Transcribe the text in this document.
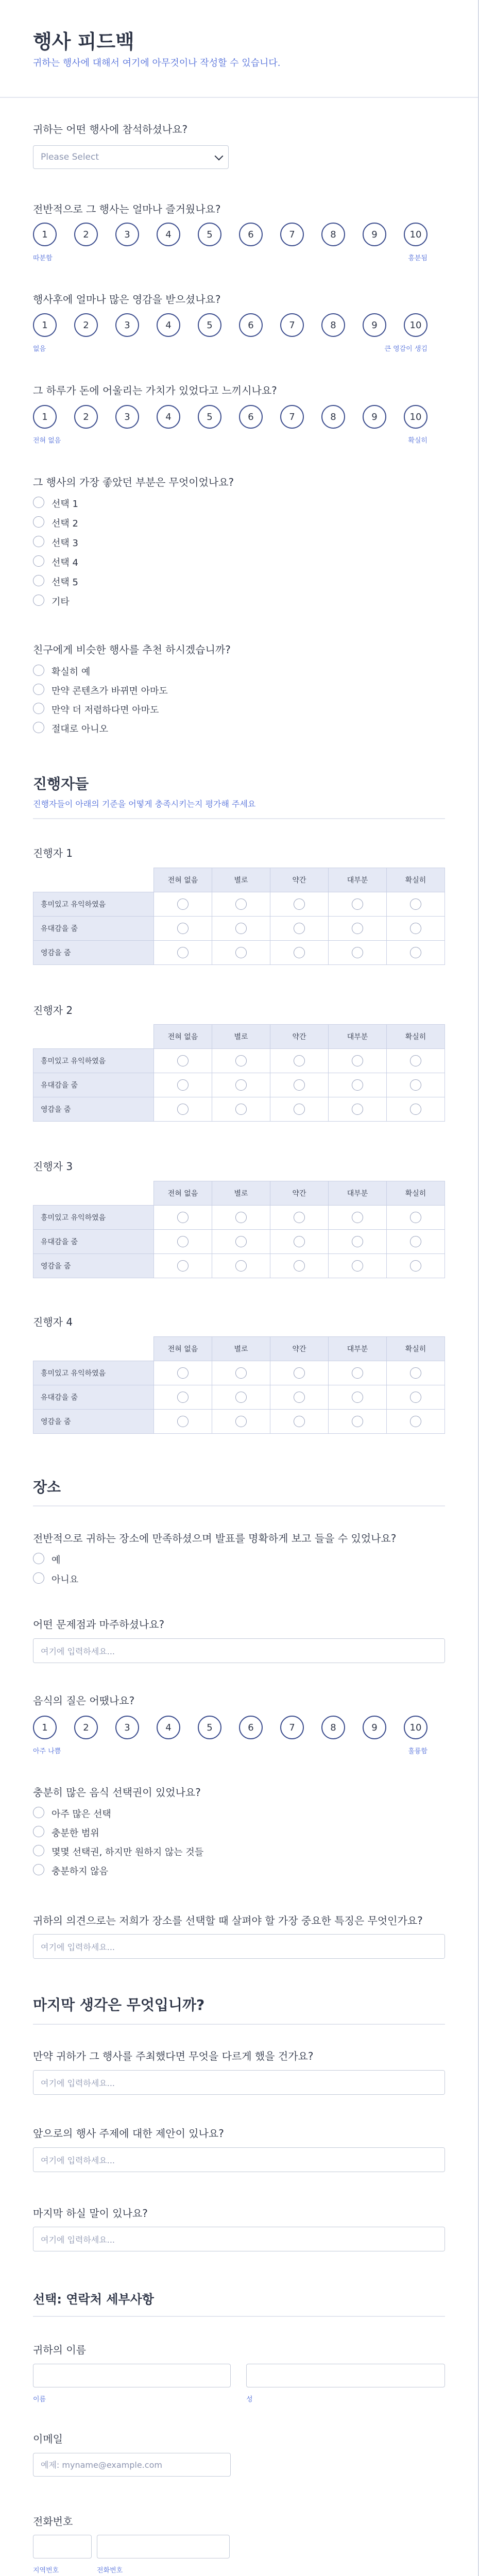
행사 피드백
귀하는 행사에 대해서 여기에 아무것이나 작성할 수 있습니다.
귀하는 어떤 행사에 참석하셨나요?
Please Select
전반적으로 그 행사는 얼마나 즐거웠나요?
1	2	3	4	5	6	7	8	9	10
따분함	흥분됨
행사후에 얼마나 많은 영감을 받으셨나요?
1	2	3	4	5	6	7	8	9	10
없음	큰 영감이 생김
그 하루가 돈에 어울리는 가치가 있었다고 느끼시나요?
1	2	3	4	5	6	7	8	9	10
전혀 없음	확실히
그 행사의 가장 좋았던 부분은 무엇이었나요?
선택 1
선택 2
선택 3
선택 4
선택 5
기타
친구에게 비슷한 행사를 추천 하시겠습니까?
확실히 예
만약 콘텐츠가 바뀌면 아마도
만약 더 저렴하다면 아마도
절대로 아니오
진행자들
진행자들이 아래의 기준을 어떻게 충족시키는지 평가해 주세요
진행자 1
	전혀 없음	별로	약간	대부분	확실히
흥미있고 유익하였음					
유대감을 줌					
영감을 줌					
진행자 2
	전혀 없음	별로	약간	대부분	확실히
흥미있고 유익하였음					
유대감을 줌					
영감을 줌					
진행자 3
	전혀 없음	별로	약간	대부분	확실히
흥미있고 유익하였음					
유대감을 줌					
영감을 줌					
진행자 4
	전혀 없음	별로	약간	대부분	확실히
흥미있고 유익하였음					
유대감을 줌					
영감을 줌					
장소
전반적으로 귀하는 장소에 만족하셨으며 발표를 명확하게 보고 들을 수 있었나요?
예
아니요
어떤 문제점과 마주하셨나요?
여기에 입력하세요...
음식의 질은 어땠나요?
1	2	3	4	5	6	7	8	9	10
아주 나쁨	훌륭함
충분히 많은 음식 선택권이 있었나요?
아주 많은 선택
충분한 범위
몇몇 선택권, 하지만 원하지 않는 것들
충분하지 않음
귀하의 의견으로는 저희가 장소를 선택할 때 살펴야 할 가장 중요한 특징은 무엇인가요?
여기에 입력하세요...
마지막 생각은 무엇입니까?
만약 귀하가 그 행사를 주최했다면 무엇을 다르게 했을 건가요?
여기에 입력하세요...
앞으로의 행사 주제에 대한 제안이 있나요?
여기에 입력하세요...
마지막 하실 말이 있나요?
여기에 입력하세요...
선택: 연락처 세부사항
귀하의 이름
이름	성
이메일
예제: myname@example.com
전화번호
지역번호	전화번호
